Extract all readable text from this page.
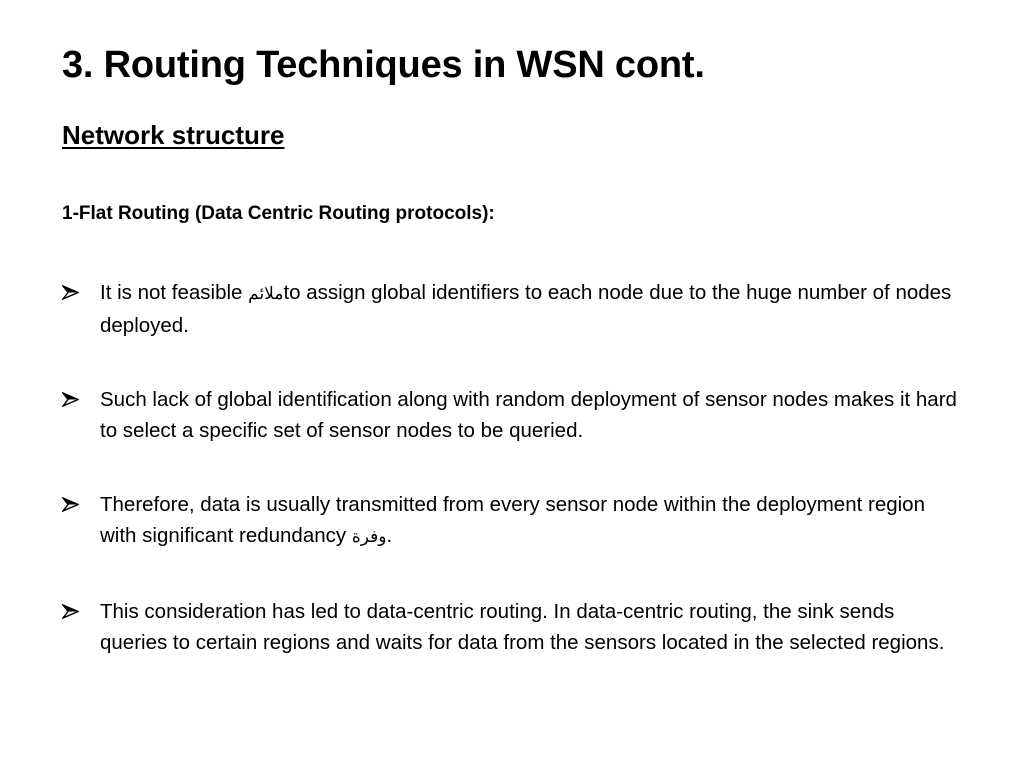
3. Routing Techniques in WSN cont.
Network structure
1-Flat Routing (Data Centric Routing protocols):
It is not feasible ملائمto assign global identifiers to each node due to the huge number of nodes deployed.
Such lack of global identification along with random deployment of sensor nodes makes it hard to select a specific set of sensor nodes to be queried.
Therefore, data is usually transmitted from every sensor node within the deployment region with significant redundancy وفرة.
This consideration has led to data-centric routing. In data-centric routing, the sink sends queries to certain regions and waits for data from the sensors located in the selected regions.
